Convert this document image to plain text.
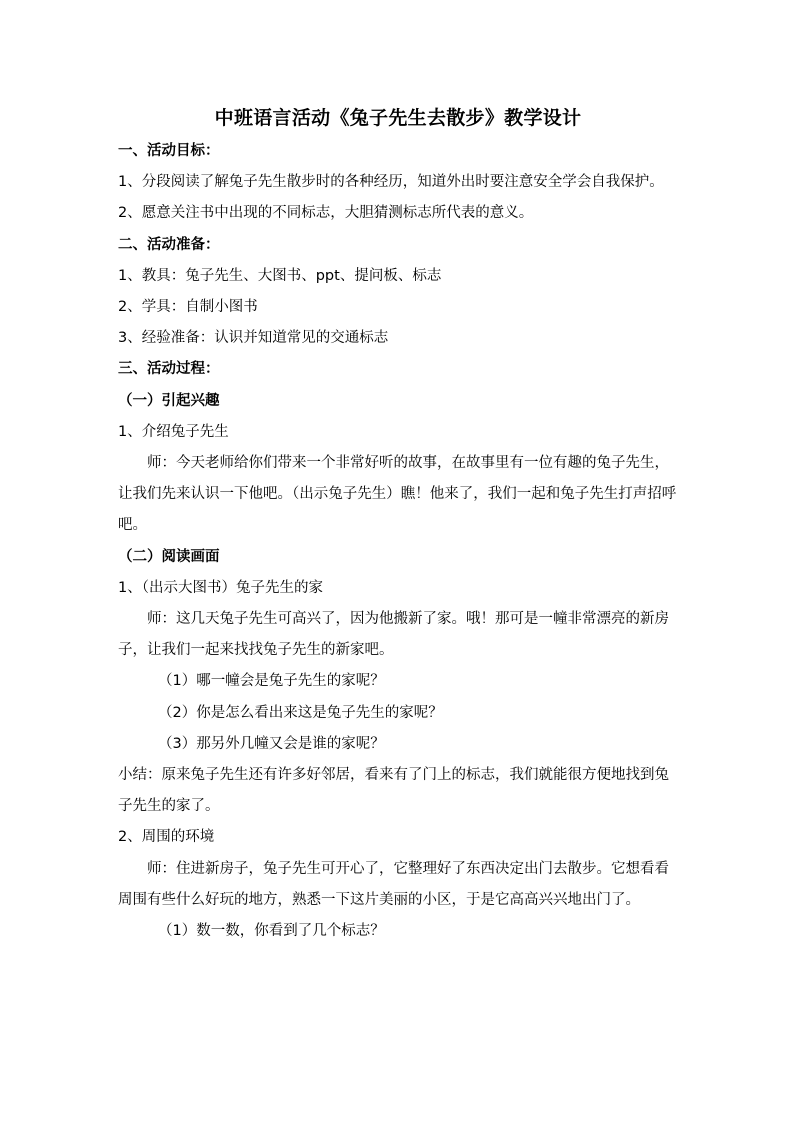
中班语言活动《兔子先生去散步》教学设计

一、活动目标：

1、分段阅读了解兔子先生散步时的各种经历，知道外出时要注意安全学会自我保护。

2、愿意关注书中出现的不同标志，大胆猜测标志所代表的意义。

二、活动准备：

1、教具：兔子先生、大图书、ppt、提问板、标志

2、学具：自制小图书

3、经验准备：认识并知道常见的交通标志

三、活动过程：

（一）引起兴趣

1、介绍兔子先生

师：今天老师给你们带来一个非常好听的故事，在故事里有一位有趣的兔子先生，让我们先来认识一下他吧。（出示兔子先生）瞧！他来了，我们一起和兔子先生打声招呼吧。

（二）阅读画面

1、（出示大图书）兔子先生的家

师：这几天兔子先生可高兴了，因为他搬新了家。哦！那可是一幢非常漂亮的新房子，让我们一起来找找兔子先生的新家吧。

（1）哪一幢会是兔子先生的家呢？

（2）你是怎么看出来这是兔子先生的家呢？

（3）那另外几幢又会是谁的家呢？

小结：原来兔子先生还有许多好邻居，看来有了门上的标志，我们就能很方便地找到兔子先生的家了。

2、周围的环境

师：住进新房子，兔子先生可开心了，它整理好了东西决定出门去散步。它想看看周围有些什么好玩的地方，熟悉一下这片美丽的小区，于是它高高兴兴地出门了。

（1）数一数，你看到了几个标志？
